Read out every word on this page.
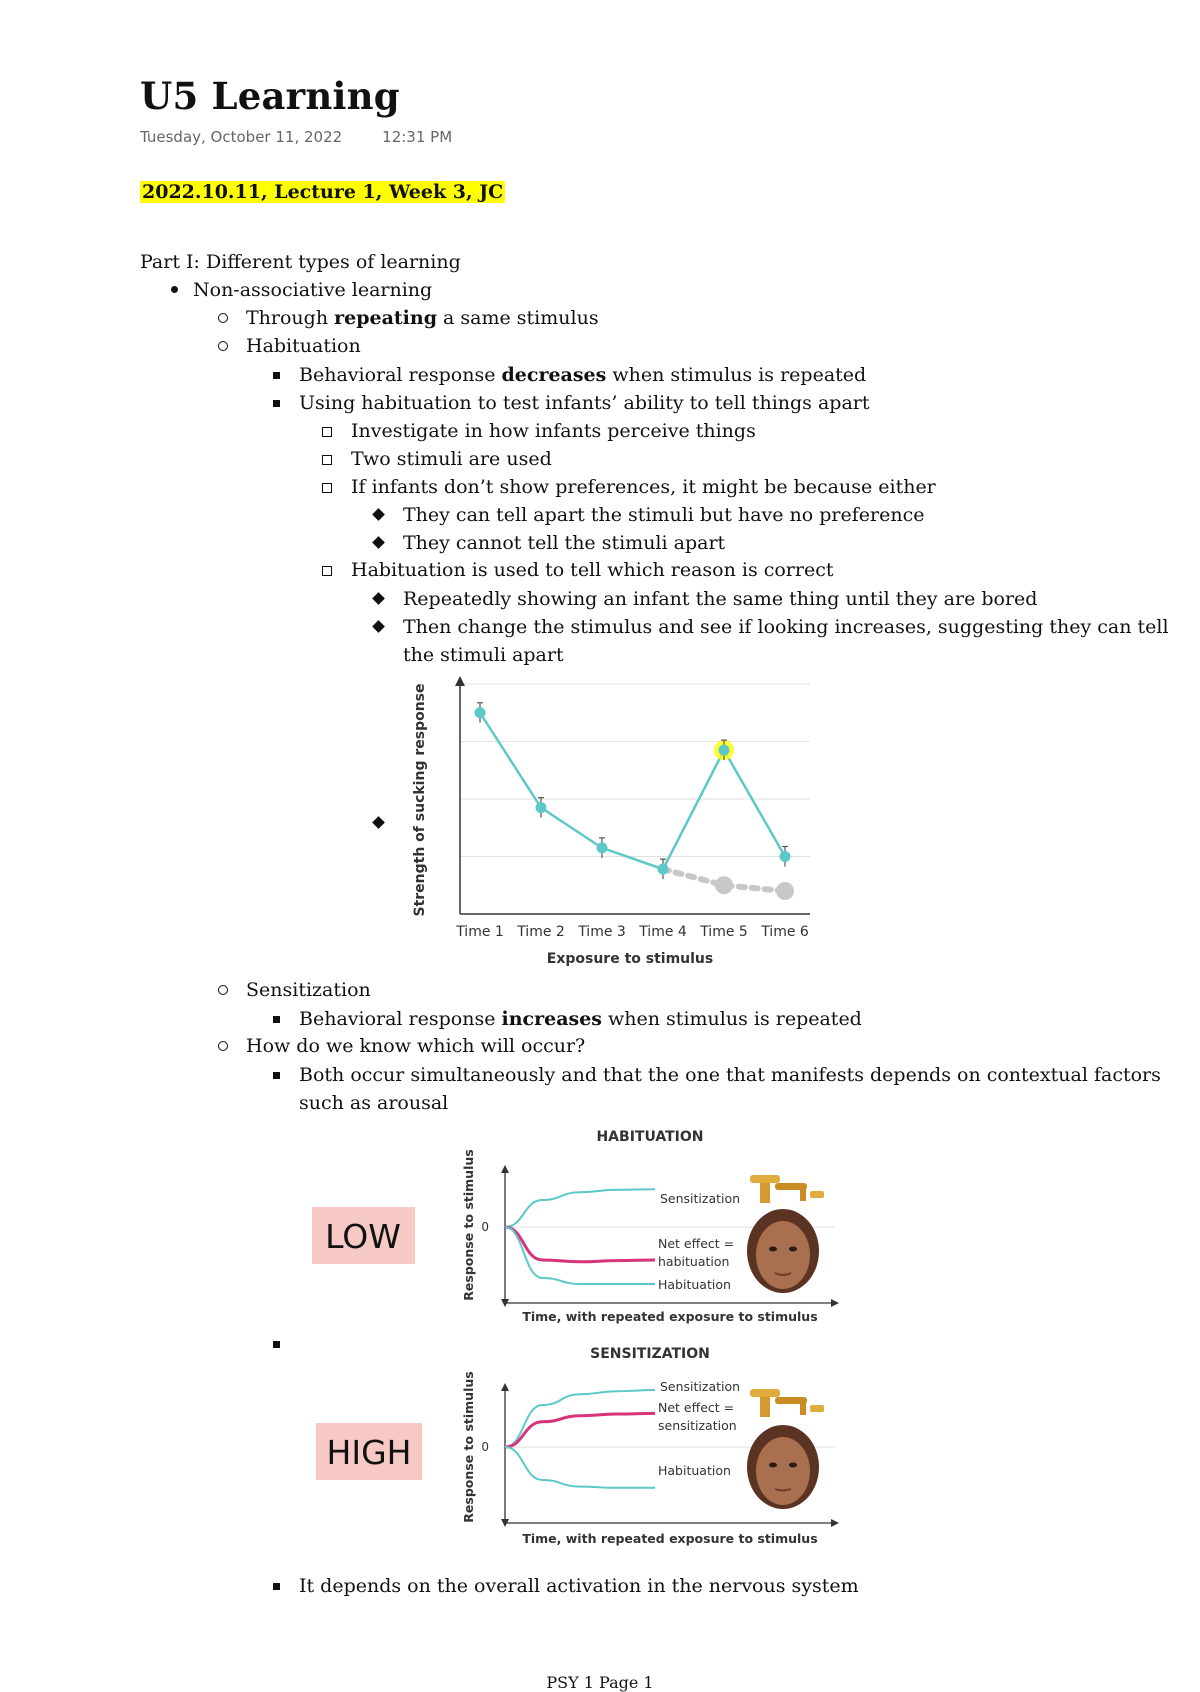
U5 Learning
Tuesday, October 11, 2022	12:31 PM
2022.10.11, Lecture 1, Week 3, JC
Part I: Different types of learning
Non-associative learning
Through repeating a same stimulus
Habituation
Behavioral response decreases when stimulus is repeated
Using habituation to test infants’ ability to tell things apart
Investigate in how infants perceive things
Two stimuli are used
If infants don’t show preferences, it might be because either
They can tell apart the stimuli but have no preference
They cannot tell the stimuli apart
Habituation is used to tell which reason is correct
Repeatedly showing an infant the same thing until they are bored
Then change the stimulus and see if looking increases, suggesting they can tell
the stimuli apart
Time 1 Time 2 Time 3 Time 4 Time 5 Time 6
Exposure to stimulus
Strength of sucking response
Sensitization
Behavioral response increases when stimulus is repeated
How do we know which will occur?
Both occur simultaneously and that the one that manifests depends on contextual factors
such as arousal
HABITUATION
LOW	Response to stimulus 0
Sensitization
Net effect =
habituation
Habituation
Time, with repeated exposure to stimulus
SENSITIZATION
HIGH	Response to stimulus 0
Sensitization
Net effect =
sensitization
Habituation
Time, with repeated exposure to stimulus
It depends on the overall activation in the nervous system
PSY 1 Page 1
